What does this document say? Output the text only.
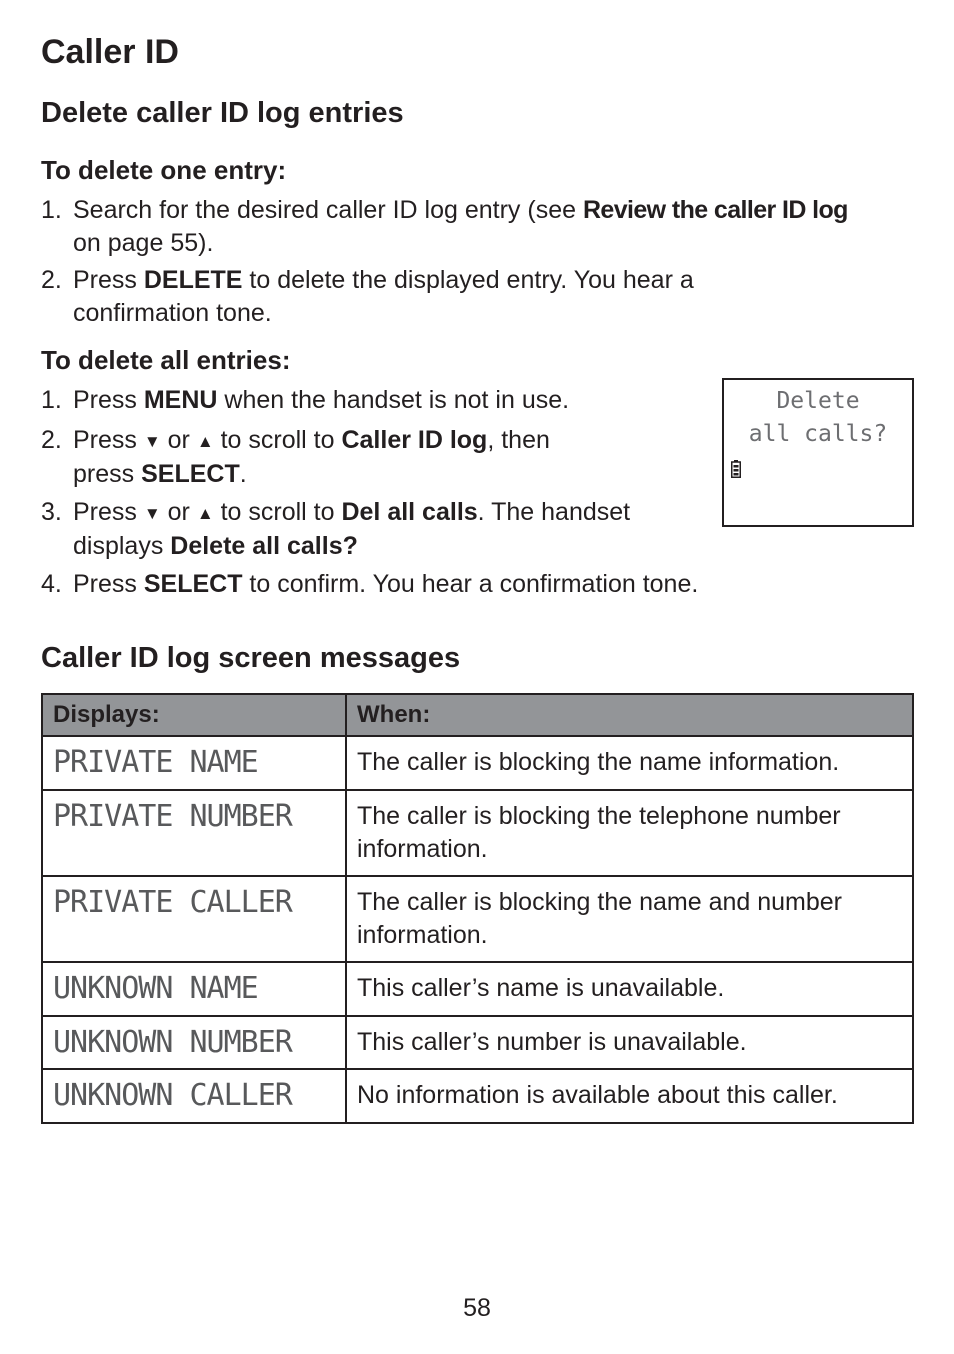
Caller ID
Delete caller ID log entries
To delete one entry:
1. Search for the desired caller ID log entry (see Review the caller ID log
on page 55).
2. Press DELETE to delete the displayed entry. You hear a
confirmation tone.
To delete all entries:
1. Press MENU when the handset is not in use.
2. Press ▼ or ▲ to scroll to Caller ID log, then
press SELECT.
3. Press ▼ or ▲ to scroll to Del all calls. The handset
displays Delete all calls?
4. Press SELECT to confirm. You hear a confirmation tone.
Delete
all calls?
Caller ID log screen messages
Displays:	When:
PRIVATE NAME	The caller is blocking the name information.
PRIVATE NUMBER	The caller is blocking the telephone number information.
PRIVATE CALLER	The caller is blocking the name and number information.
UNKNOWN NAME	This caller’s name is unavailable.
UNKNOWN NUMBER	This caller’s number is unavailable.
UNKNOWN CALLER	No information is available about this caller.
58
